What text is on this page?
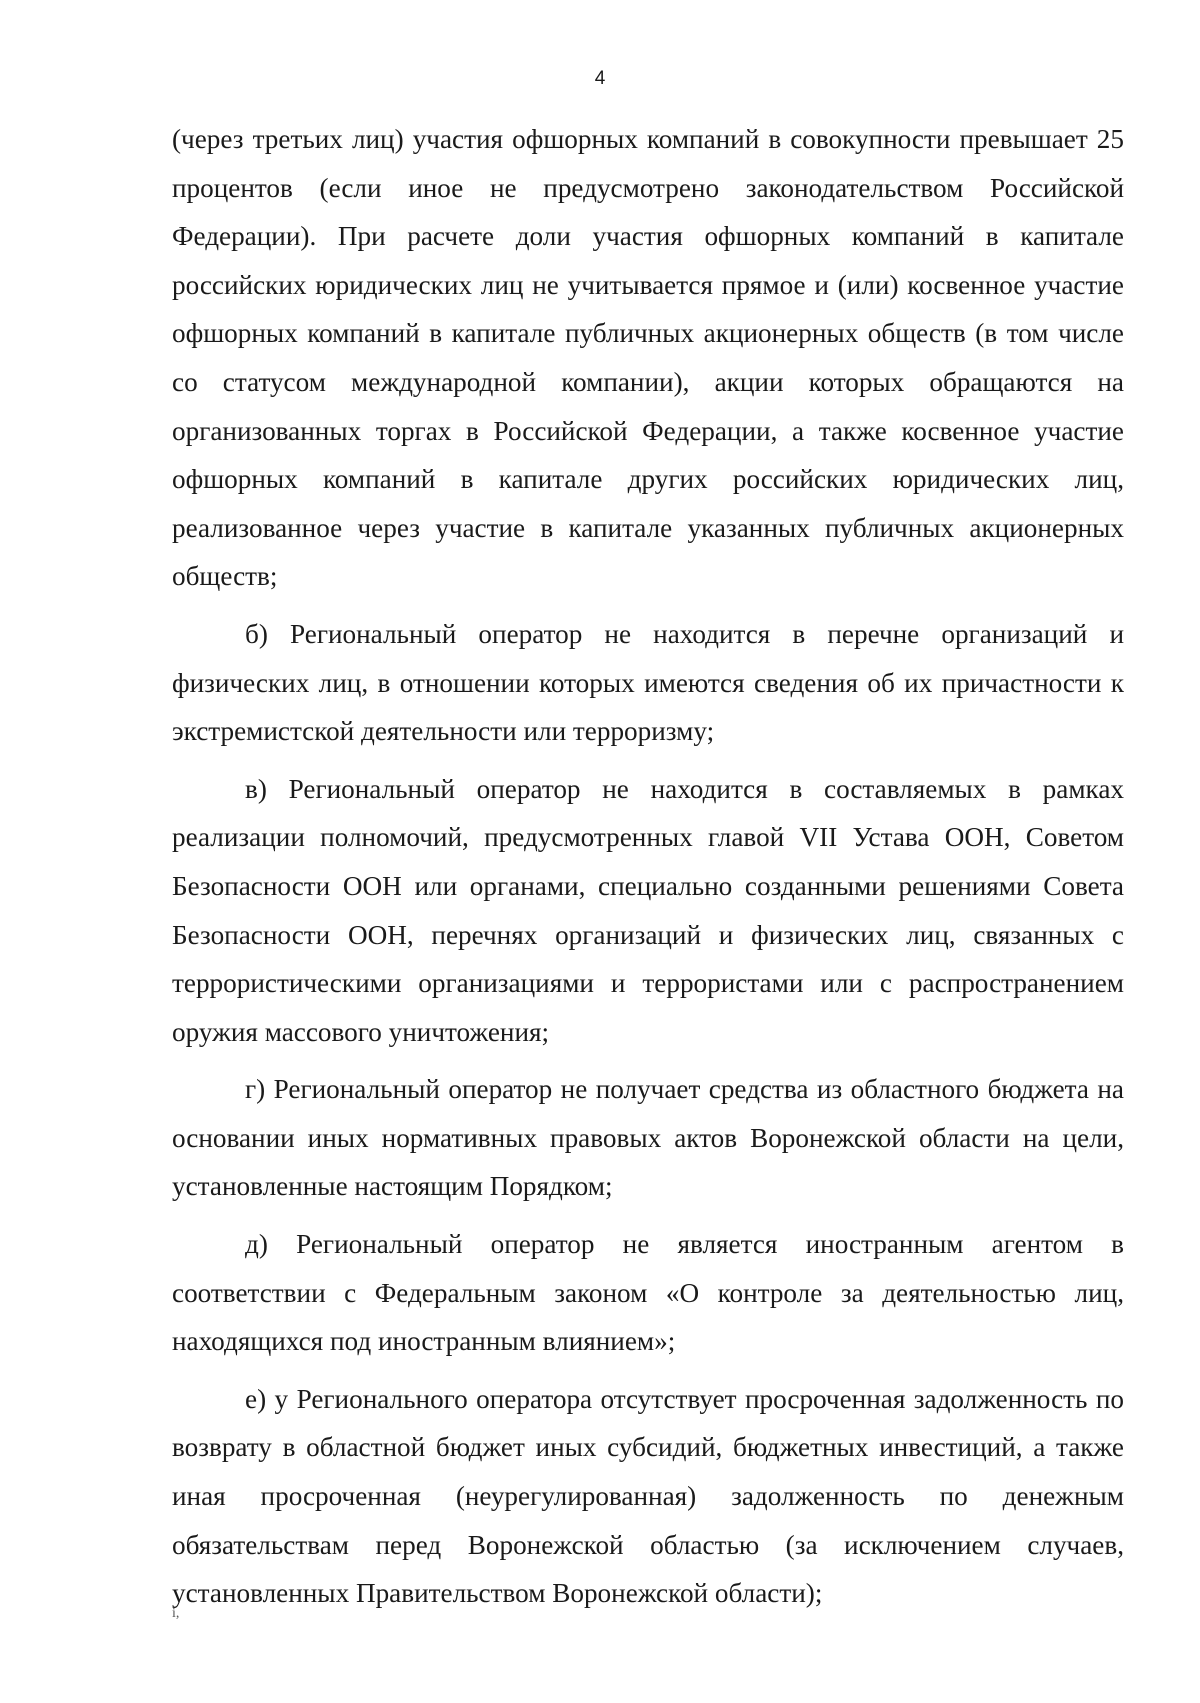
4

(через третьих лиц) участия офшорных компаний в совокупности превышает 25 процентов (если иное не предусмотрено законодательством Российской Федерации). При расчете доли участия офшорных компаний в капитале российских юридических лиц не учитывается прямое и (или) косвенное участие офшорных компаний в капитале публичных акционерных обществ (в том числе со статусом международной компании), акции которых обращаются на организованных торгах в Российской Федерации, а также косвенное участие офшорных компаний в капитале других российских юридических лиц, реализованное через участие в капитале указанных публичных акционерных обществ;

б) Региональный оператор не находится в перечне организаций и физических лиц, в отношении которых имеются сведения об их причастности к экстремистской деятельности или терроризму;

в) Региональный оператор не находится в составляемых в рамках реализации полномочий, предусмотренных главой VII Устава ООН, Советом Безопасности ООН или органами, специально созданными решениями Совета Безопасности ООН, перечнях организаций и физических лиц, связанных с террористическими организациями и террористами или с распространением оружия массового уничтожения;

г) Региональный оператор не получает средства из областного бюджета на основании иных нормативных правовых актов Воронежской области на цели, установленные настоящим Порядком;

д) Региональный оператор не является иностранным агентом в соответствии с Федеральным законом «О контроле за деятельностью лиц, находящихся под иностранным влиянием»;

е) у Регионального оператора отсутствует просроченная задолженность по возврату в областной бюджет иных субсидий, бюджетных инвестиций, а также иная просроченная (неурегулированная) задолженность по денежным обязательствам перед Воронежской областью (за исключением случаев, установленных Правительством Воронежской области);

i,
